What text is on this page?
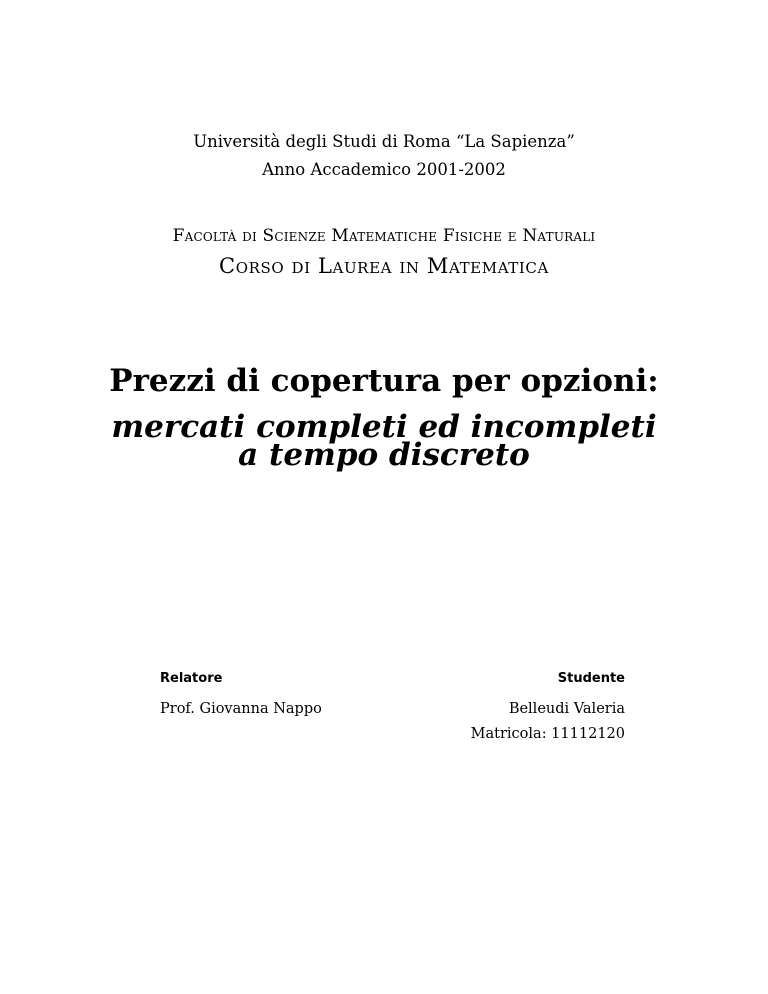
Università degli Studi di Roma “La Sapienza”
Anno Accademico 2001-2002
Facoltà di Scienze Matematiche Fisiche e Naturali
Corso di Laurea in Matematica
Prezzi di copertura per opzioni:
mercati completi ed incompleti
a tempo discreto
Relatore
Prof. Giovanna Nappo
Studente
Belleudi Valeria
Matricola: 11112120
